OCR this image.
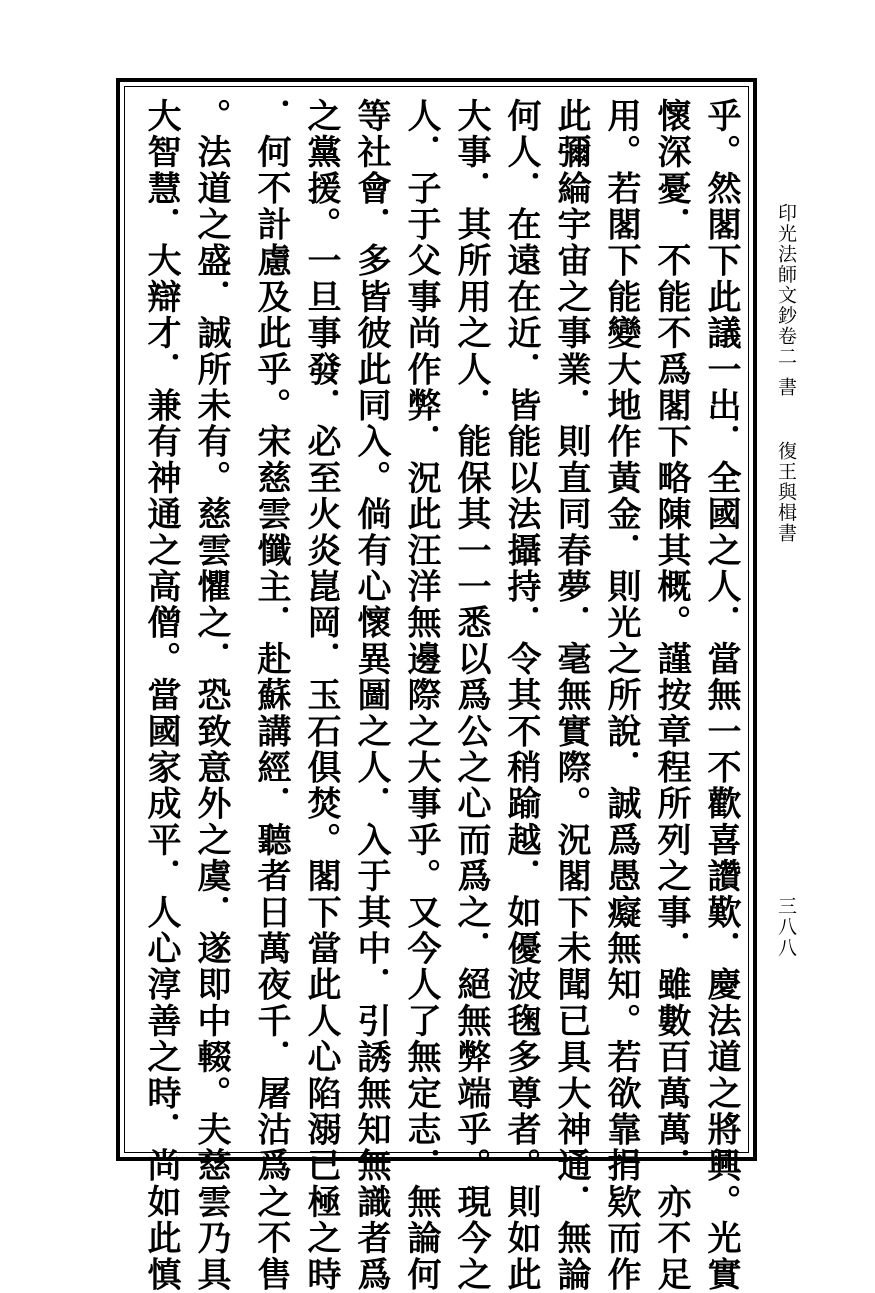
乎。然閣下此議一出．全國之人．當無一不歡喜讚歎．慶法道之將興。光實
懷深憂．不能不爲閣下略陳其概。謹按章程所列之事．雖數百萬萬．亦不足
用。若閣下能變大地作黃金．則光之所說．誠爲愚癡無知。若欲靠捐欵而作
此彌綸宇宙之事業．則直同春夢．毫無實際。況閣下未聞已具大神通．無論
何人．在遠在近．皆能以法攝持．令其不稍踰越．如優波毱多尊者。則如此
大事．其所用之人．能保其一一悉以爲公之心而爲之．絕無弊端乎。現今之
人．子于父事尚作弊．況此汪洋無邊際之大事乎。又今人了無定志．無論何
等社會．多皆彼此同入。倘有心懷異圖之人．入于其中．引誘無知無識者爲
之黨援。一旦事發．必至火炎崑岡．玉石俱焚。閣下當此人心陷溺已極之時
．何不計慮及此乎。宋慈雲懺主．赴蘇講經．聽者日萬夜千．屠沽爲之不售
。法道之盛．誠所未有。慈雲懼之．恐致意外之虞．遂即中輟。夫慈雲乃具
大智慧．大辯才．兼有神通之高僧。當國家成平．人心淳善之時．尚如此慎	印光法師文鈔卷二
書
復王與楫書
三八八
